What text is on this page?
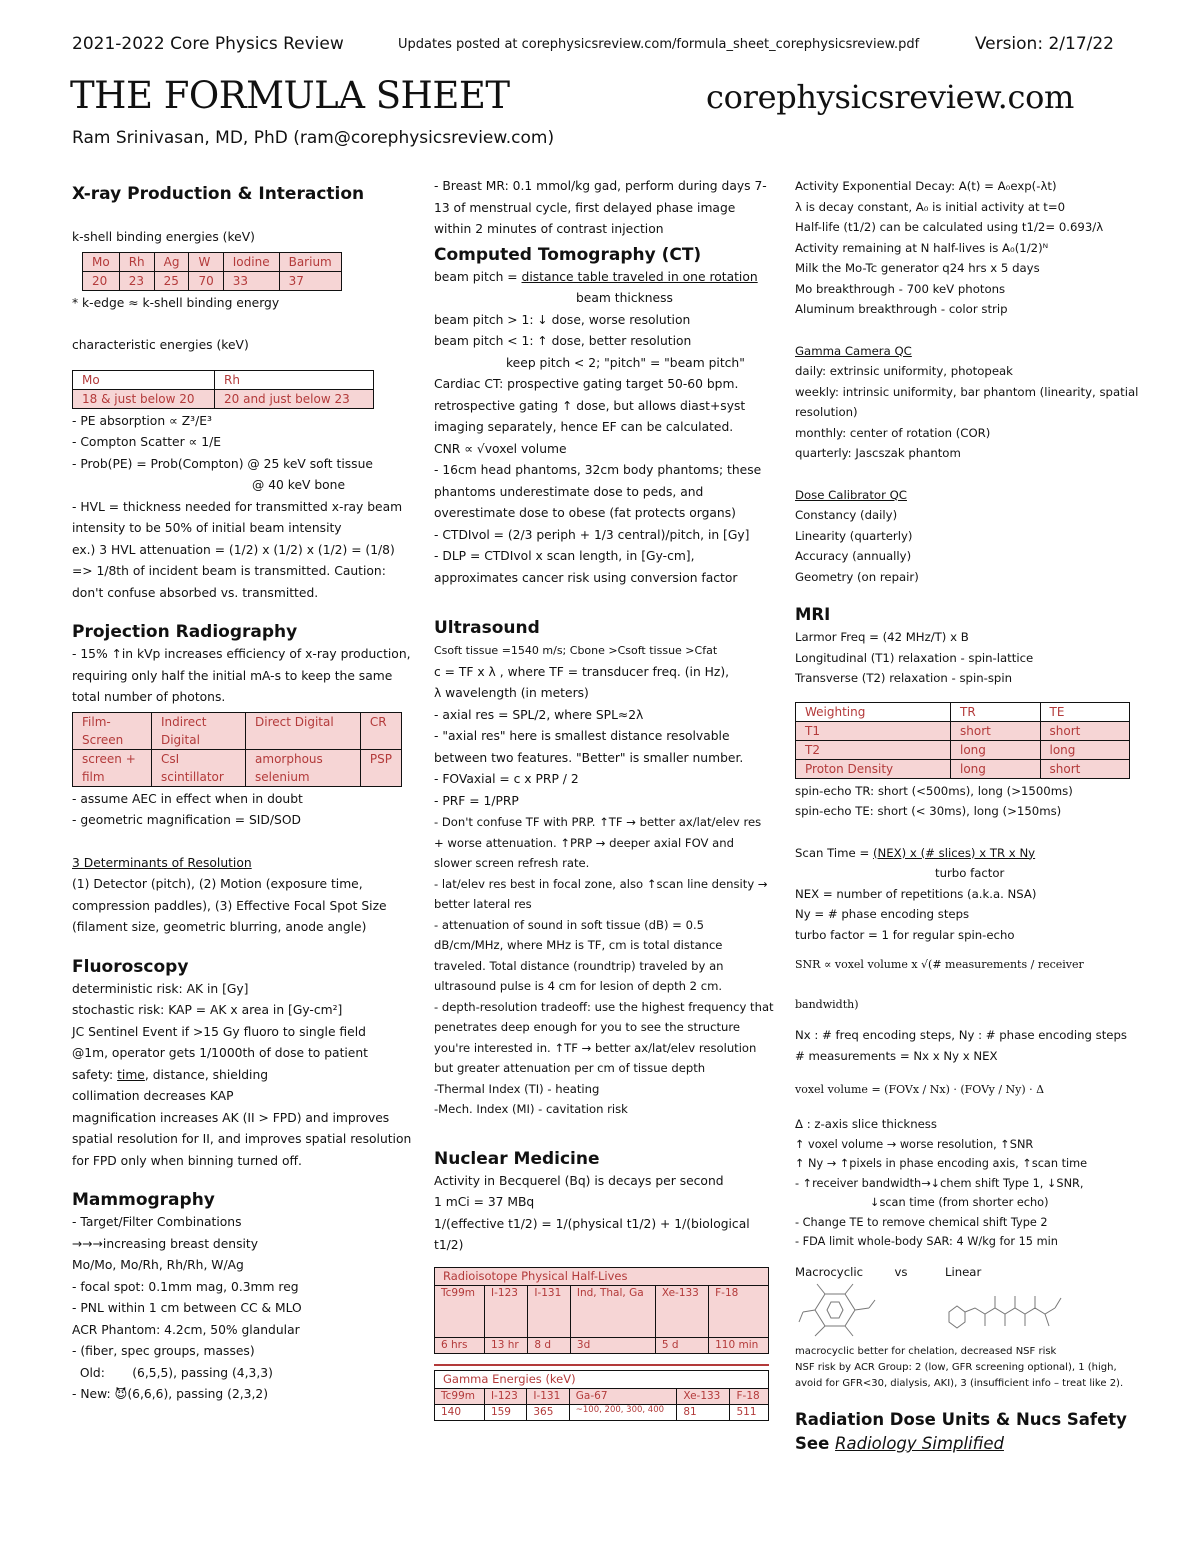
2021-2022 Core Physics Review	Updates posted at corephysicsreview.com/formula_sheet_corephysicsreview.pdf	Version: 2/17/22
THE FORMULA SHEET	corephysicsreview.com
Ram Srinivasan, MD, PhD (ram@corephysicsreview.com)
X-ray Production & Interaction
k-shell binding energies (keV)
Mo	Rh	Ag	W	Iodine	Barium
20	23	25	70	33	37
* k-edge ≈ k-shell binding energy
characteristic energies (keV)
Mo	Rh
18 & just below 20	20 and just below 23
- PE absorption ∝ Z³/E³
- Compton Scatter ∝ 1/E
- Prob(PE) = Prob(Compton) @ 25 keV soft tissue
@ 40 keV bone
- HVL = thickness needed for transmitted x-ray beam intensity to be 50% of initial beam intensity
ex.) 3 HVL attenuation = (1/2) x (1/2) x (1/2) = (1/8) => 1/8th of incident beam is transmitted. Caution: don't confuse absorbed vs. transmitted.
Projection Radiography
- 15% ↑in kVp increases efficiency of x-ray production, requiring only half the initial mA-s to keep the same total number of photons.
Film-Screen	Indirect Digital	Direct Digital	CR
screen + film	CsI scintillator	amorphous selenium	PSP
- assume AEC in effect when in doubt
- geometric magnification = SID/SOD
3 Determinants of Resolution
(1) Detector (pitch), (2) Motion (exposure time, compression paddles), (3) Effective Focal Spot Size (filament size, geometric blurring, anode angle)
Fluoroscopy
deterministic risk: AK in [Gy]
stochastic risk: KAP = AK x area in [Gy-cm²]
JC Sentinel Event if >15 Gy fluoro to single field
@1m, operator gets 1/1000th of dose to patient
safety: time, distance, shielding
collimation decreases KAP
magnification increases AK (II > FPD) and improves spatial resolution for II, and improves spatial resolution for FPD only when binning turned off.
Mammography
- Target/Filter Combinations
→→→increasing breast density
Mo/Mo, Mo/Rh, Rh/Rh, W/Ag
- focal spot: 0.1mm mag, 0.3mm reg
- PNL within 1 cm between CC & MLO
ACR Phantom: 4.2cm, 50% glandular
- (fiber, spec groups, masses)
Old:       (6,5,5), passing (4,3,3)
- New: 😈(6,6,6), passing (2,3,2)
- Breast MR: 0.1 mmol/kg gad, perform during days 7-13 of menstrual cycle, first delayed phase image within 2 minutes of contrast injection
Computed Tomography (CT)
beam pitch = distance table traveled in one rotation
beam thickness
beam pitch > 1: ↓ dose, worse resolution
beam pitch < 1: ↑ dose, better resolution
keep pitch < 2; "pitch" = "beam pitch"
Cardiac CT: prospective gating target 50-60 bpm.
retrospective gating ↑ dose, but allows diast+syst imaging separately, hence EF can be calculated.
CNR ∝ √voxel volume
- 16cm head phantoms, 32cm body phantoms; these phantoms underestimate dose to peds, and overestimate dose to obese (fat protects organs)
- CTDIvol = (2/3 periph + 1/3 central)/pitch, in [Gy]
- DLP = CTDIvol x scan length, in [Gy-cm], approximates cancer risk using conversion factor
Ultrasound
Csoft tissue =1540 m/s; Cbone >Csoft tissue >Cfat
c = TF x λ , where TF = transducer freq. (in Hz),
λ wavelength (in meters)
- axial res = SPL/2, where SPL≈2λ
- "axial res" here is smallest distance resolvable between two features. "Better" is smaller number.
- FOVaxial = c x PRP / 2
- PRF = 1/PRP
- Don't confuse TF with PRP. ↑TF → better ax/lat/elev res + worse attenuation. ↑PRP → deeper axial FOV and slower screen refresh rate.
- lat/elev res best in focal zone, also ↑scan line density → better lateral res
- attenuation of sound in soft tissue (dB) = 0.5 dB/cm/MHz, where MHz is TF, cm is total distance traveled. Total distance (roundtrip) traveled by an ultrasound pulse is 4 cm for lesion of depth 2 cm.
- depth-resolution tradeoff: use the highest frequency that penetrates deep enough for you to see the structure you're interested in. ↑TF → better ax/lat/elev resolution but greater attenuation per cm of tissue depth
-Thermal Index (TI) - heating
-Mech. Index (MI) - cavitation risk
Nuclear Medicine
Activity in Becquerel (Bq) is decays per second
1 mCi = 37 MBq
1/(effective t1/2) = 1/(physical t1/2) + 1/(biological t1/2)
Radioisotope Physical Half-Lives
Tc99m	I-123	I-131	Ind, Thal, Ga	Xe-133	F-18
6 hrs	13 hr	8 d	3d	5 d	110 min
Gamma Energies (keV)
Tc99m	I-123	I-131	Ga-67	Xe-133	F-18
140	159	365	~100, 200, 300, 400	81	511
Activity Exponential Decay: A(t) = A₀exp(-λt)
λ is decay constant, A₀ is initial activity at t=0
Half-life (t1/2) can be calculated using t1/2= 0.693/λ
Activity remaining at N half-lives is A₀(1/2)ᴺ
Milk the Mo-Tc generator q24 hrs x 5 days
Mo breakthrough - 700 keV photons
Aluminum breakthrough - color strip
Gamma Camera QC
daily: extrinsic uniformity, photopeak
weekly: intrinsic uniformity, bar phantom (linearity, spatial resolution)
monthly: center of rotation (COR)
quarterly: Jascszak phantom
Dose Calibrator QC
Constancy (daily)
Linearity (quarterly)
Accuracy (annually)
Geometry (on repair)
MRI
Larmor Freq = (42 MHz/T) x B
Longitudinal (T1) relaxation - spin-lattice
Transverse (T2) relaxation - spin-spin
Weighting	TR	TE
T1	short	short
T2	long	long
Proton Density	long	short
spin-echo TR: short (<500ms), long (>1500ms)
spin-echo TE: short (< 30ms), long (>150ms)
Scan Time = (NEX) x (# slices) x TR x Ny
turbo factor
NEX = number of repetitions (a.k.a. NSA)
Ny = # phase encoding steps
turbo factor = 1 for regular spin-echo
SNR ∝ voxel volume x √(# measurements / receiver bandwidth)
Nx : # freq encoding steps, Ny : # phase encoding steps
# measurements = Nx x Ny x NEX
voxel volume = (FOVx / Nx) · (FOVy / Ny) · Δ
Δ : z-axis slice thickness
↑ voxel volume → worse resolution, ↑SNR
↑ Ny → ↑pixels in phase encoding axis, ↑scan time
- ↑receiver bandwidth→↓chem shift Type 1, ↓SNR,
↓scan time (from shorter echo)
- Change TE to remove chemical shift Type 2
- FDA limit whole-body SAR: 4 W/kg for 15 min
Macrocyclic	vs	Linear

macrocyclic better for chelation, decreased NSF risk
NSF risk by ACR Group: 2 (low, GFR screening optional), 1 (high, avoid for GFR<30, dialysis, AKI), 3 (insufficient info – treat like 2).
Radiation Dose Units & Nucs Safety
See Radiology Simplified
